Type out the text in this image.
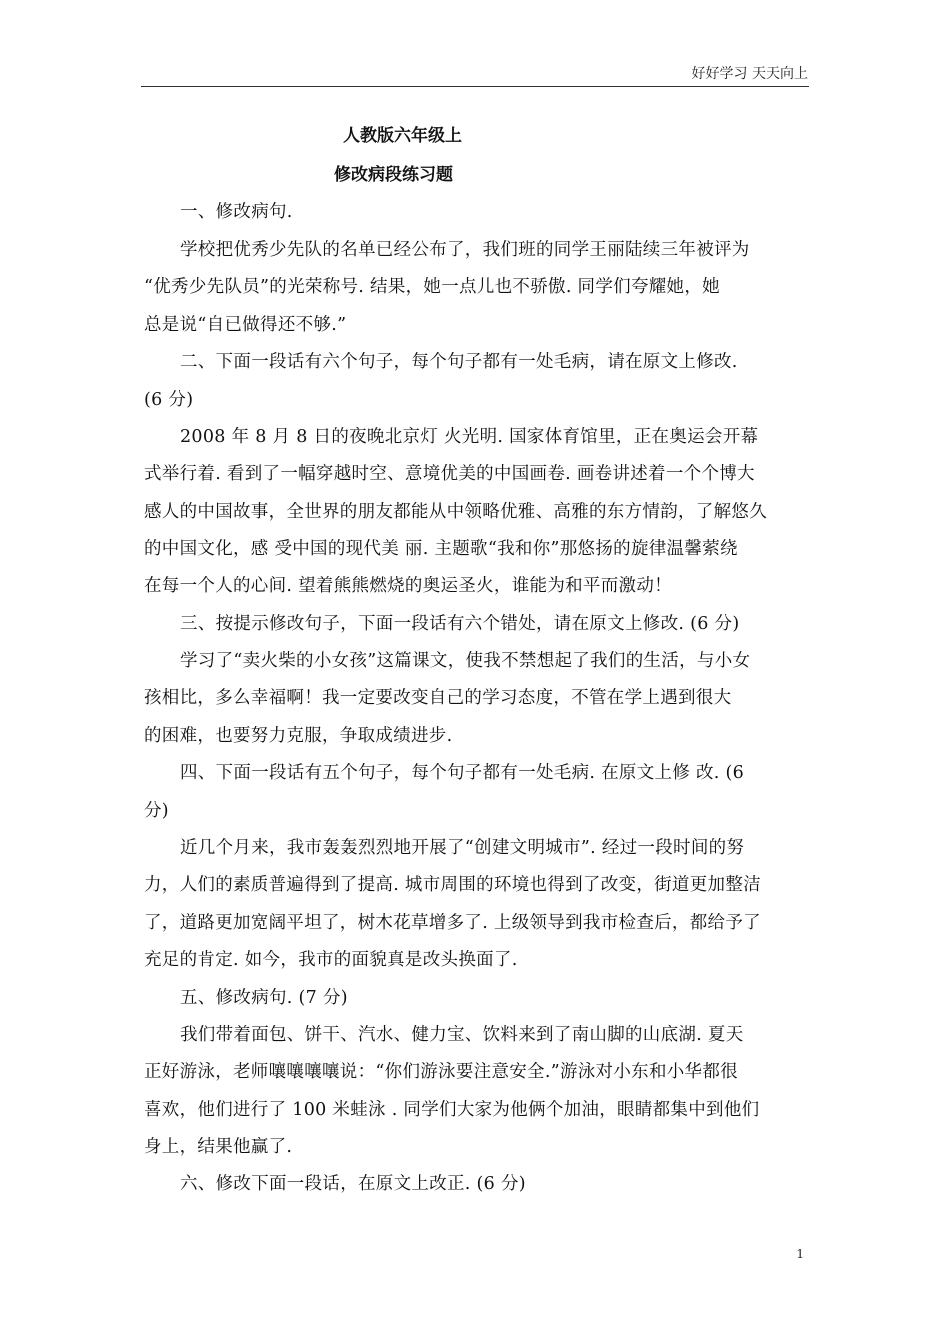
好好学习 天天向上
人教版六年级上
修改病段练习题
一、修改病句.
学校把优秀少先队的名单已经公布了，我们班的同学王丽陆续三年被评为
“优秀少先队员”的光荣称号. 结果，她一点儿也不骄傲. 同学们夸耀她，她
总是说“自已做得还不够.”
二、下面一段话有六个句子，每个句子都有一处毛病，请在原文上修改.
(6 分)
2008 年 8 月 8 日的夜晚北京灯 火光明. 国家体育馆里，正在奥运会开幕
式举行着. 看到了一幅穿越时空、意境优美的中国画卷. 画卷讲述着一个个博大
感人的中国故事，全世界的朋友都能从中领略优雅、高雅的东方情韵，了解悠久
的中国文化，感 受中国的现代美 丽. 主题歌“我和你”那悠扬的旋律温馨萦绕
在每一个人的心间. 望着熊熊燃烧的奥运圣火，谁能为和平而激动！
三、按提示修改句子，下面一段话有六个错处，请在原文上修改. (6 分)
学习了“卖火柴的小女孩”这篇课文，使我不禁想起了我们的生活，与小女
孩相比，多么幸福啊！我一定要改变自己的学习态度，不管在学上遇到很大
的困难，也要努力克服，争取成绩进步.
四、下面一段话有五个句子，每个句子都有一处毛病. 在原文上修 改. (6
分)
近几个月来，我市轰轰烈烈地开展了“创建文明城市”. 经过一段时间的努
力，人们的素质普遍得到了提高. 城市周围的环境也得到了改变，街道更加整洁
了，道路更加宽阔平坦了，树木花草增多了. 上级领导到我市检查后，都给予了
充足的肯定. 如今，我市的面貌真是改头换面了.
五、修改病句. (7 分)
我们带着面包、饼干、汽水、健力宝、饮料来到了南山脚的山底湖. 夏天
正好游泳，老师嚷嚷嚷嚷说：“你们游泳要注意安全.”游泳对小东和小华都很
喜欢，他们进行了 100 米蛙泳 . 同学们大家为他俩个加油，眼睛都集中到他们
身上，结果他赢了.
六、修改下面一段话，在原文上改正. (6 分)
1
